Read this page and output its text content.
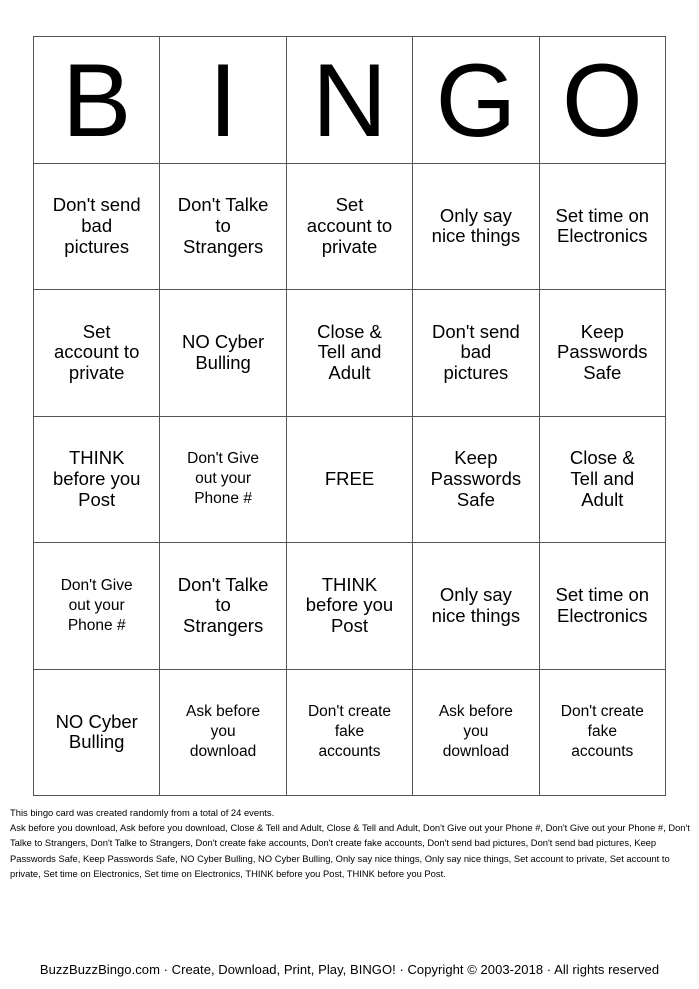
B I N G O
Don't send bad pictures
Don't Talke to Strangers
Set account to private
Only say nice things
Set time on Electronics
Set account to private
NO Cyber Bulling
Close & Tell and Adult
Don't send bad pictures
Keep Passwords Safe
THINK before you Post
Don't Give out your Phone #
FREE
Keep Passwords Safe
Close & Tell and Adult
Don't Give out your Phone #
Don't Talke to Strangers
THINK before you Post
Only say nice things
Set time on Electronics
NO Cyber Bulling
Ask before you download
Don't create fake accounts
Ask before you download
Don't create fake accounts

This bingo card was created randomly from a total of 24 events.

Ask before you download, Ask before you download, Close & Tell and Adult, Close & Tell and Adult, Don't Give out your Phone #, Don't Give out your Phone #, Don't Talke to Strangers, Don't Talke to Strangers, Don't create fake accounts, Don't create fake accounts, Don't send bad pictures, Don't send bad pictures, Keep Passwords Safe, Keep Passwords Safe, NO Cyber Bulling, NO Cyber Bulling, Only say nice things, Only say nice things, Set account to private, Set account to private, Set time on Electronics, Set time on Electronics, THINK before you Post, THINK before you Post.

BuzzBuzzBingo.com · Create, Download, Print, Play, BINGO! · Copyright © 2003-2018 · All rights reserved
